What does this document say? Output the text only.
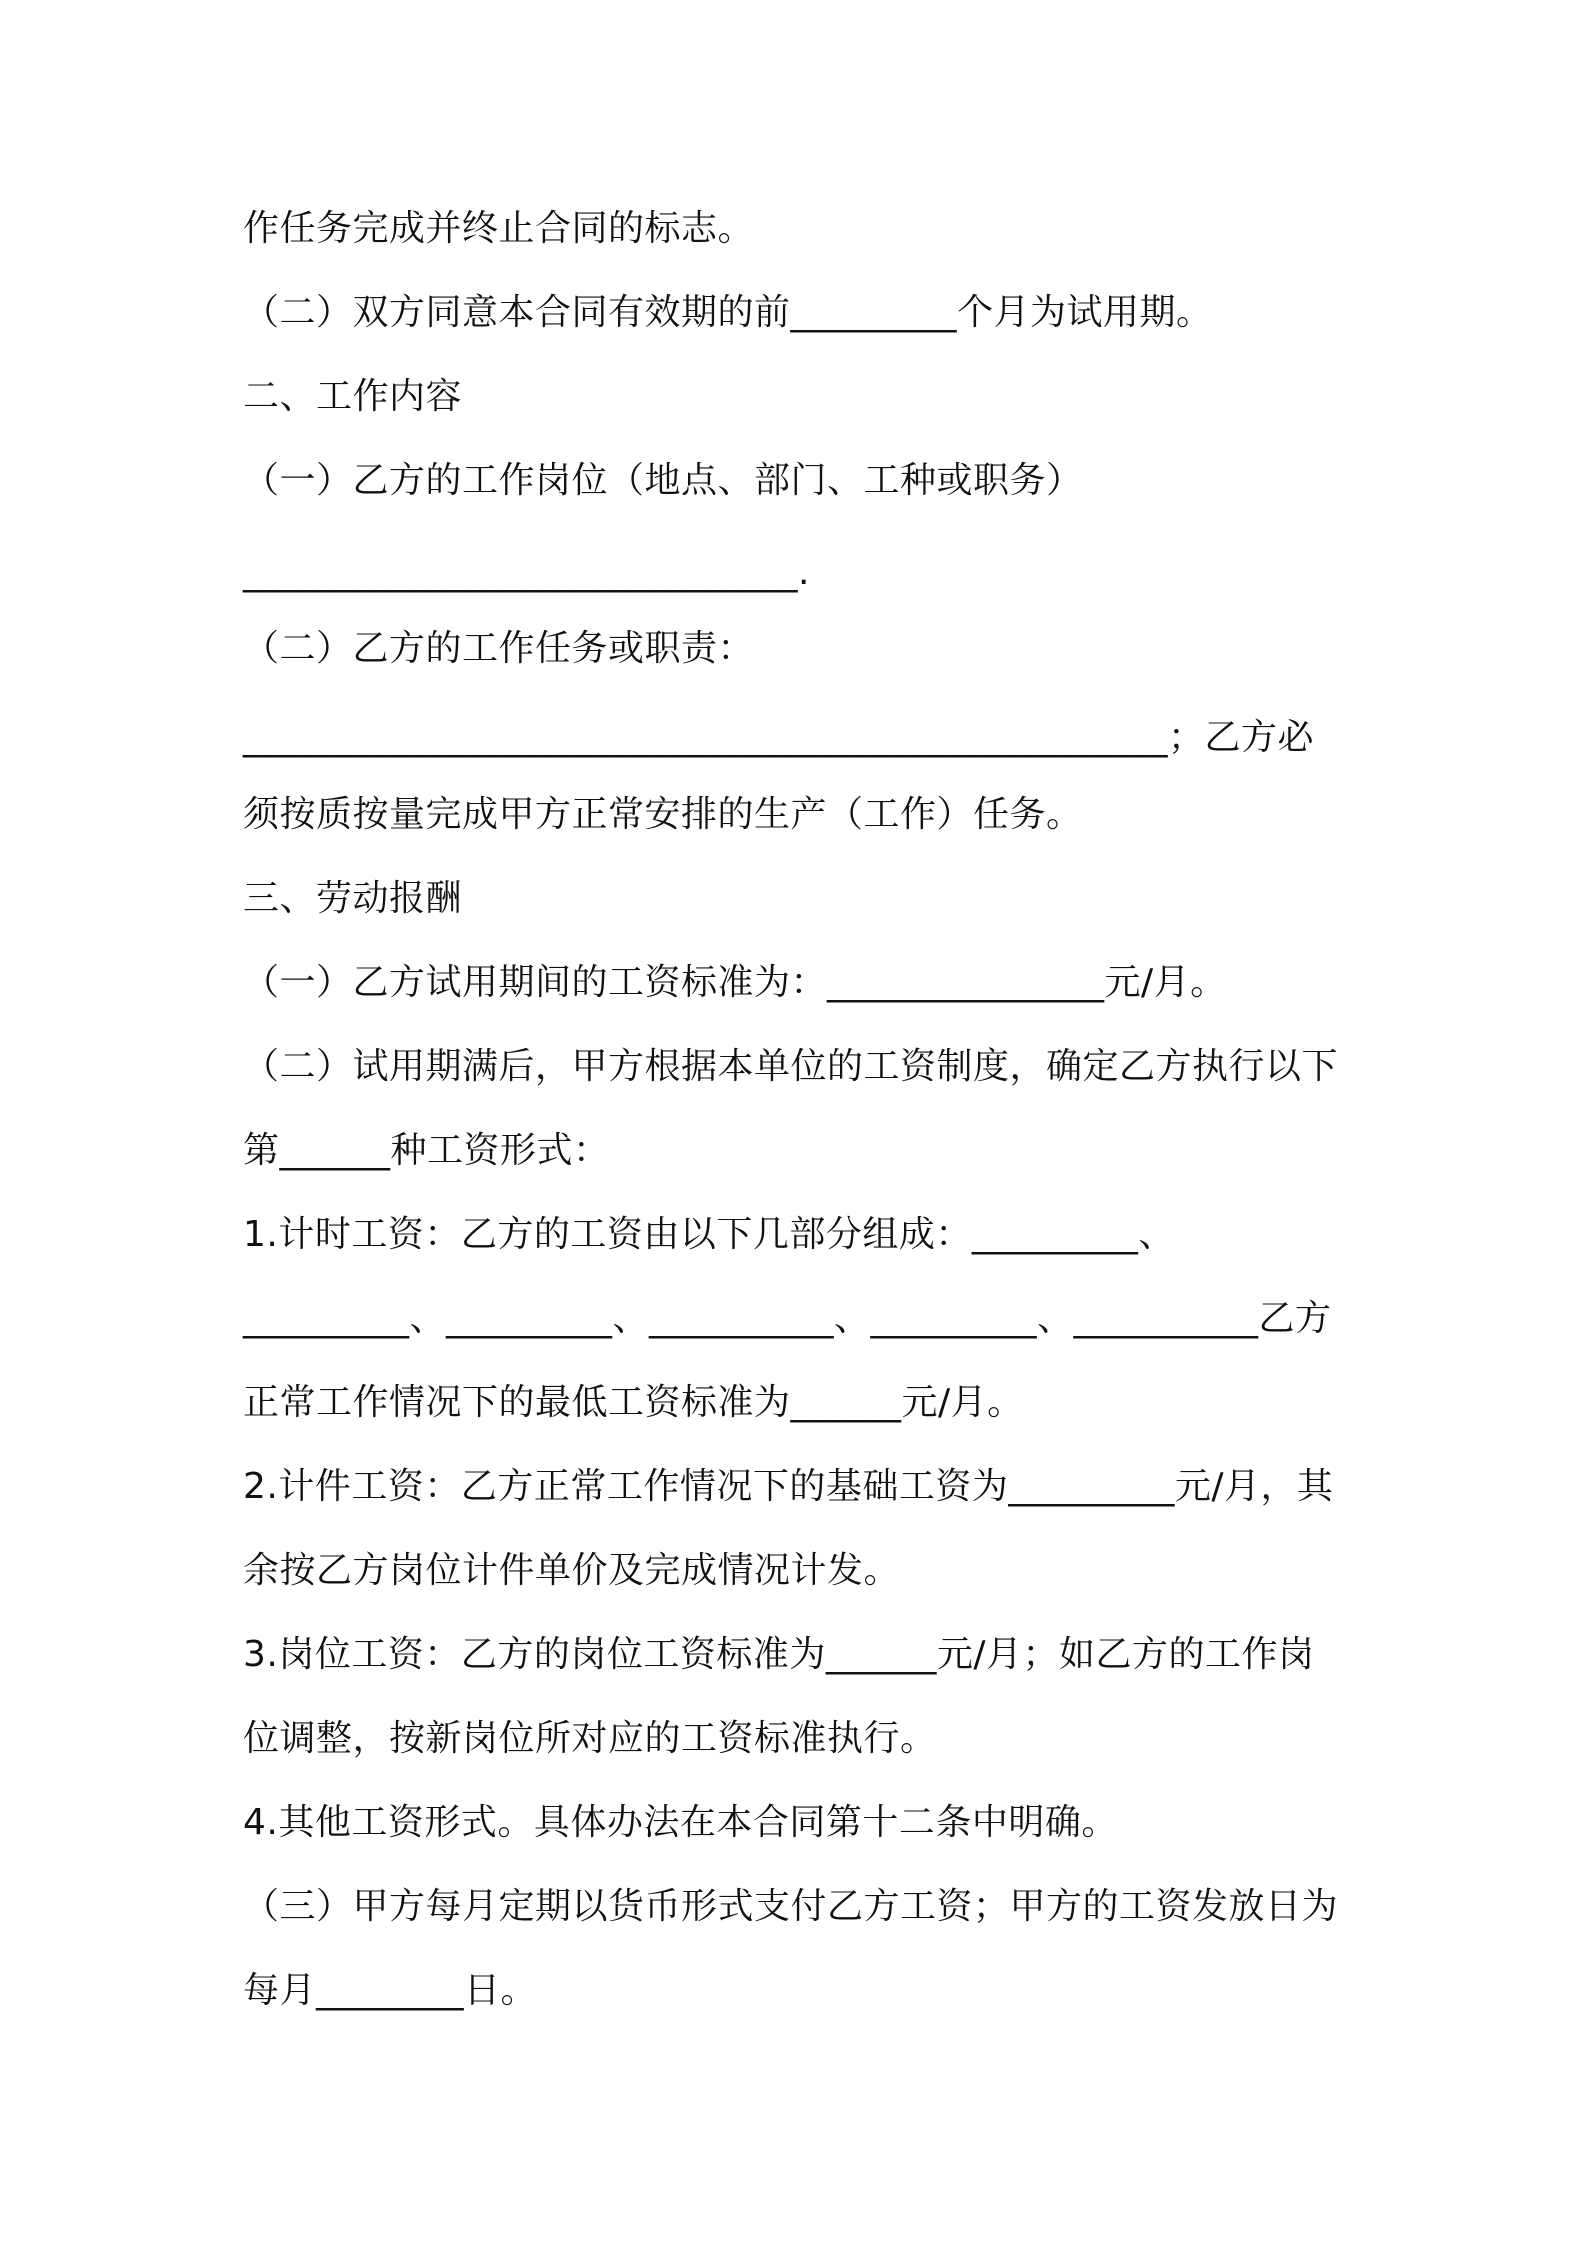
作任务完成并终止合同的标志。
（二）双方同意本合同有效期的前_________个月为试用期。
二、工作内容
（一）乙方的工作岗位（地点、部门、工种或职务）
______________________________.
（二）乙方的工作任务或职责：
__________________________________________________；乙方必
须按质按量完成甲方正常安排的生产（工作）任务。
三、劳动报酬
（一）乙方试用期间的工资标准为：_______________元/月。
（二）试用期满后，甲方根据本单位的工资制度，确定乙方执行以下
第______种工资形式：
1.计时工资：乙方的工资由以下几部分组成：_________、
_________、_________、__________、_________、__________乙方
正常工作情况下的最低工资标准为______元/月。
2.计件工资：乙方正常工作情况下的基础工资为_________元/月，其
余按乙方岗位计件单价及完成情况计发。
3.岗位工资：乙方的岗位工资标准为______元/月；如乙方的工作岗
位调整，按新岗位所对应的工资标准执行。
4.其他工资形式。具体办法在本合同第十二条中明确。
（三）甲方每月定期以货币形式支付乙方工资；甲方的工资发放日为
每月________日。
